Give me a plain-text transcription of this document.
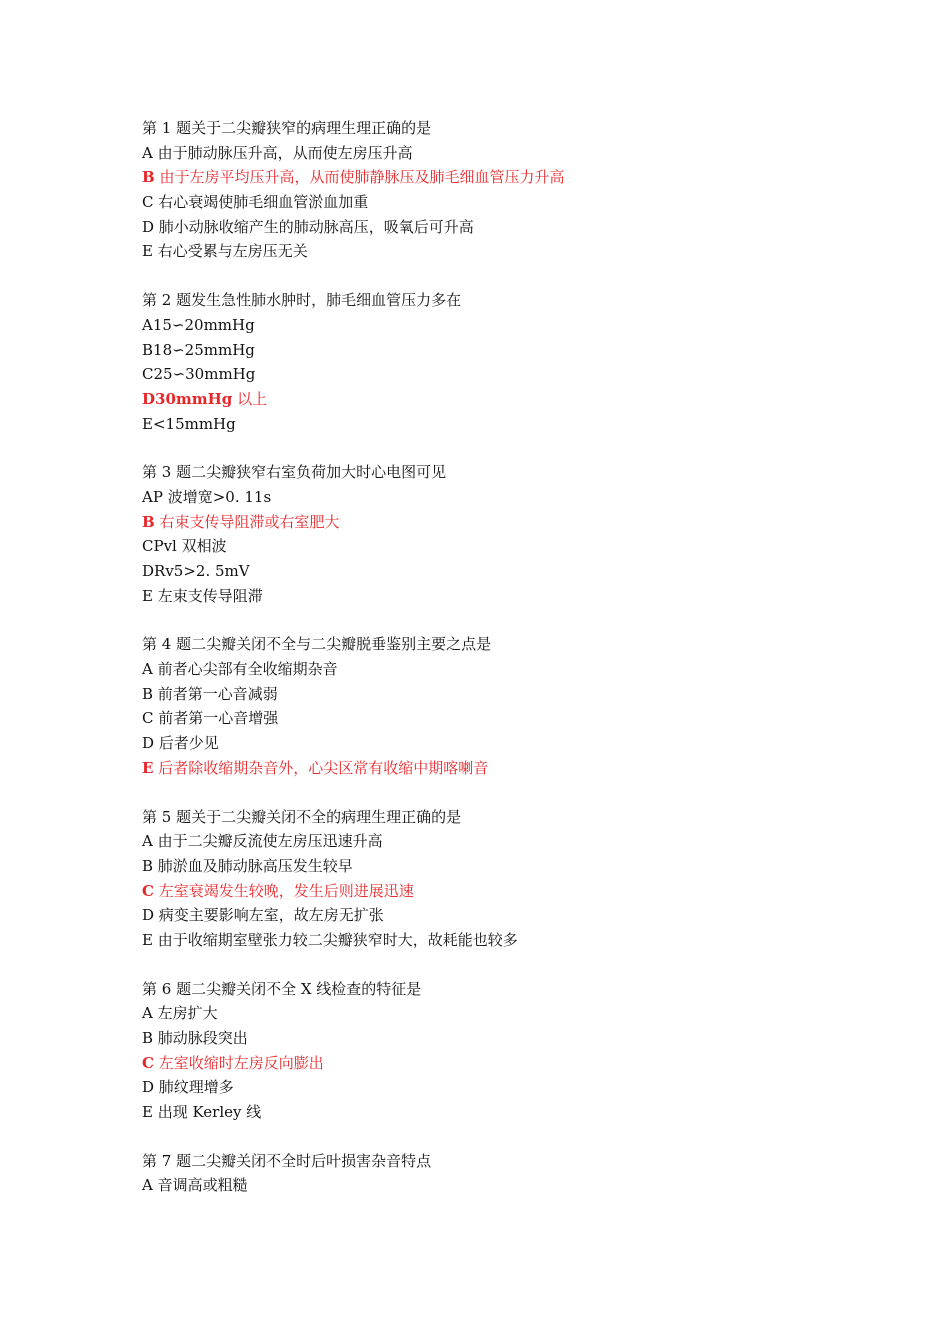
第 1 题关于二尖瓣狭窄的病理生理正确的是
A 由于肺动脉压升高，从而使左房压升高
B 由于左房平均压升高，从而使肺静脉压及肺毛细血管压力升高
C 右心衰竭使肺毛细血管淤血加重
D 肺小动脉收缩产生的肺动脉高压，吸氧后可升高
E 右心受累与左房压无关
第 2 题发生急性肺水肿时，肺毛细血管压力多在
A15∽20mmHg
B18∽25mmHg
C25∽30mmHg
D30mmHg 以上
E<15mmHg
第 3 题二尖瓣狭窄右室负荷加大时心电图可见
AP 波增宽>0. 11s
B 右束支传导阻滞或右室肥大
CPvl 双相波
DRv5>2. 5mV
E 左束支传导阻滞
第 4 题二尖瓣关闭不全与二尖瓣脱垂鉴别主要之点是
A 前者心尖部有全收缩期杂音
B 前者第一心音减弱
C 前者第一心音增强
D 后者少见
E 后者除收缩期杂音外，心尖区常有收缩中期喀喇音
第 5 题关于二尖瓣关闭不全的病理生理正确的是
A 由于二尖瓣反流使左房压迅速升高
B 肺淤血及肺动脉高压发生较早
C 左室衰竭发生较晚，发生后则进展迅速
D 病变主要影响左室，故左房无扩张
E 由于收缩期室壁张力较二尖瓣狭窄时大，故耗能也较多
第 6 题二尖瓣关闭不全 X 线检查的特征是
A 左房扩大
B 肺动脉段突出
C 左室收缩时左房反向膨出
D 肺纹理增多
E 出现 Kerley 线
第 7 题二尖瓣关闭不全时后叶损害杂音特点
A 音调高或粗糙
